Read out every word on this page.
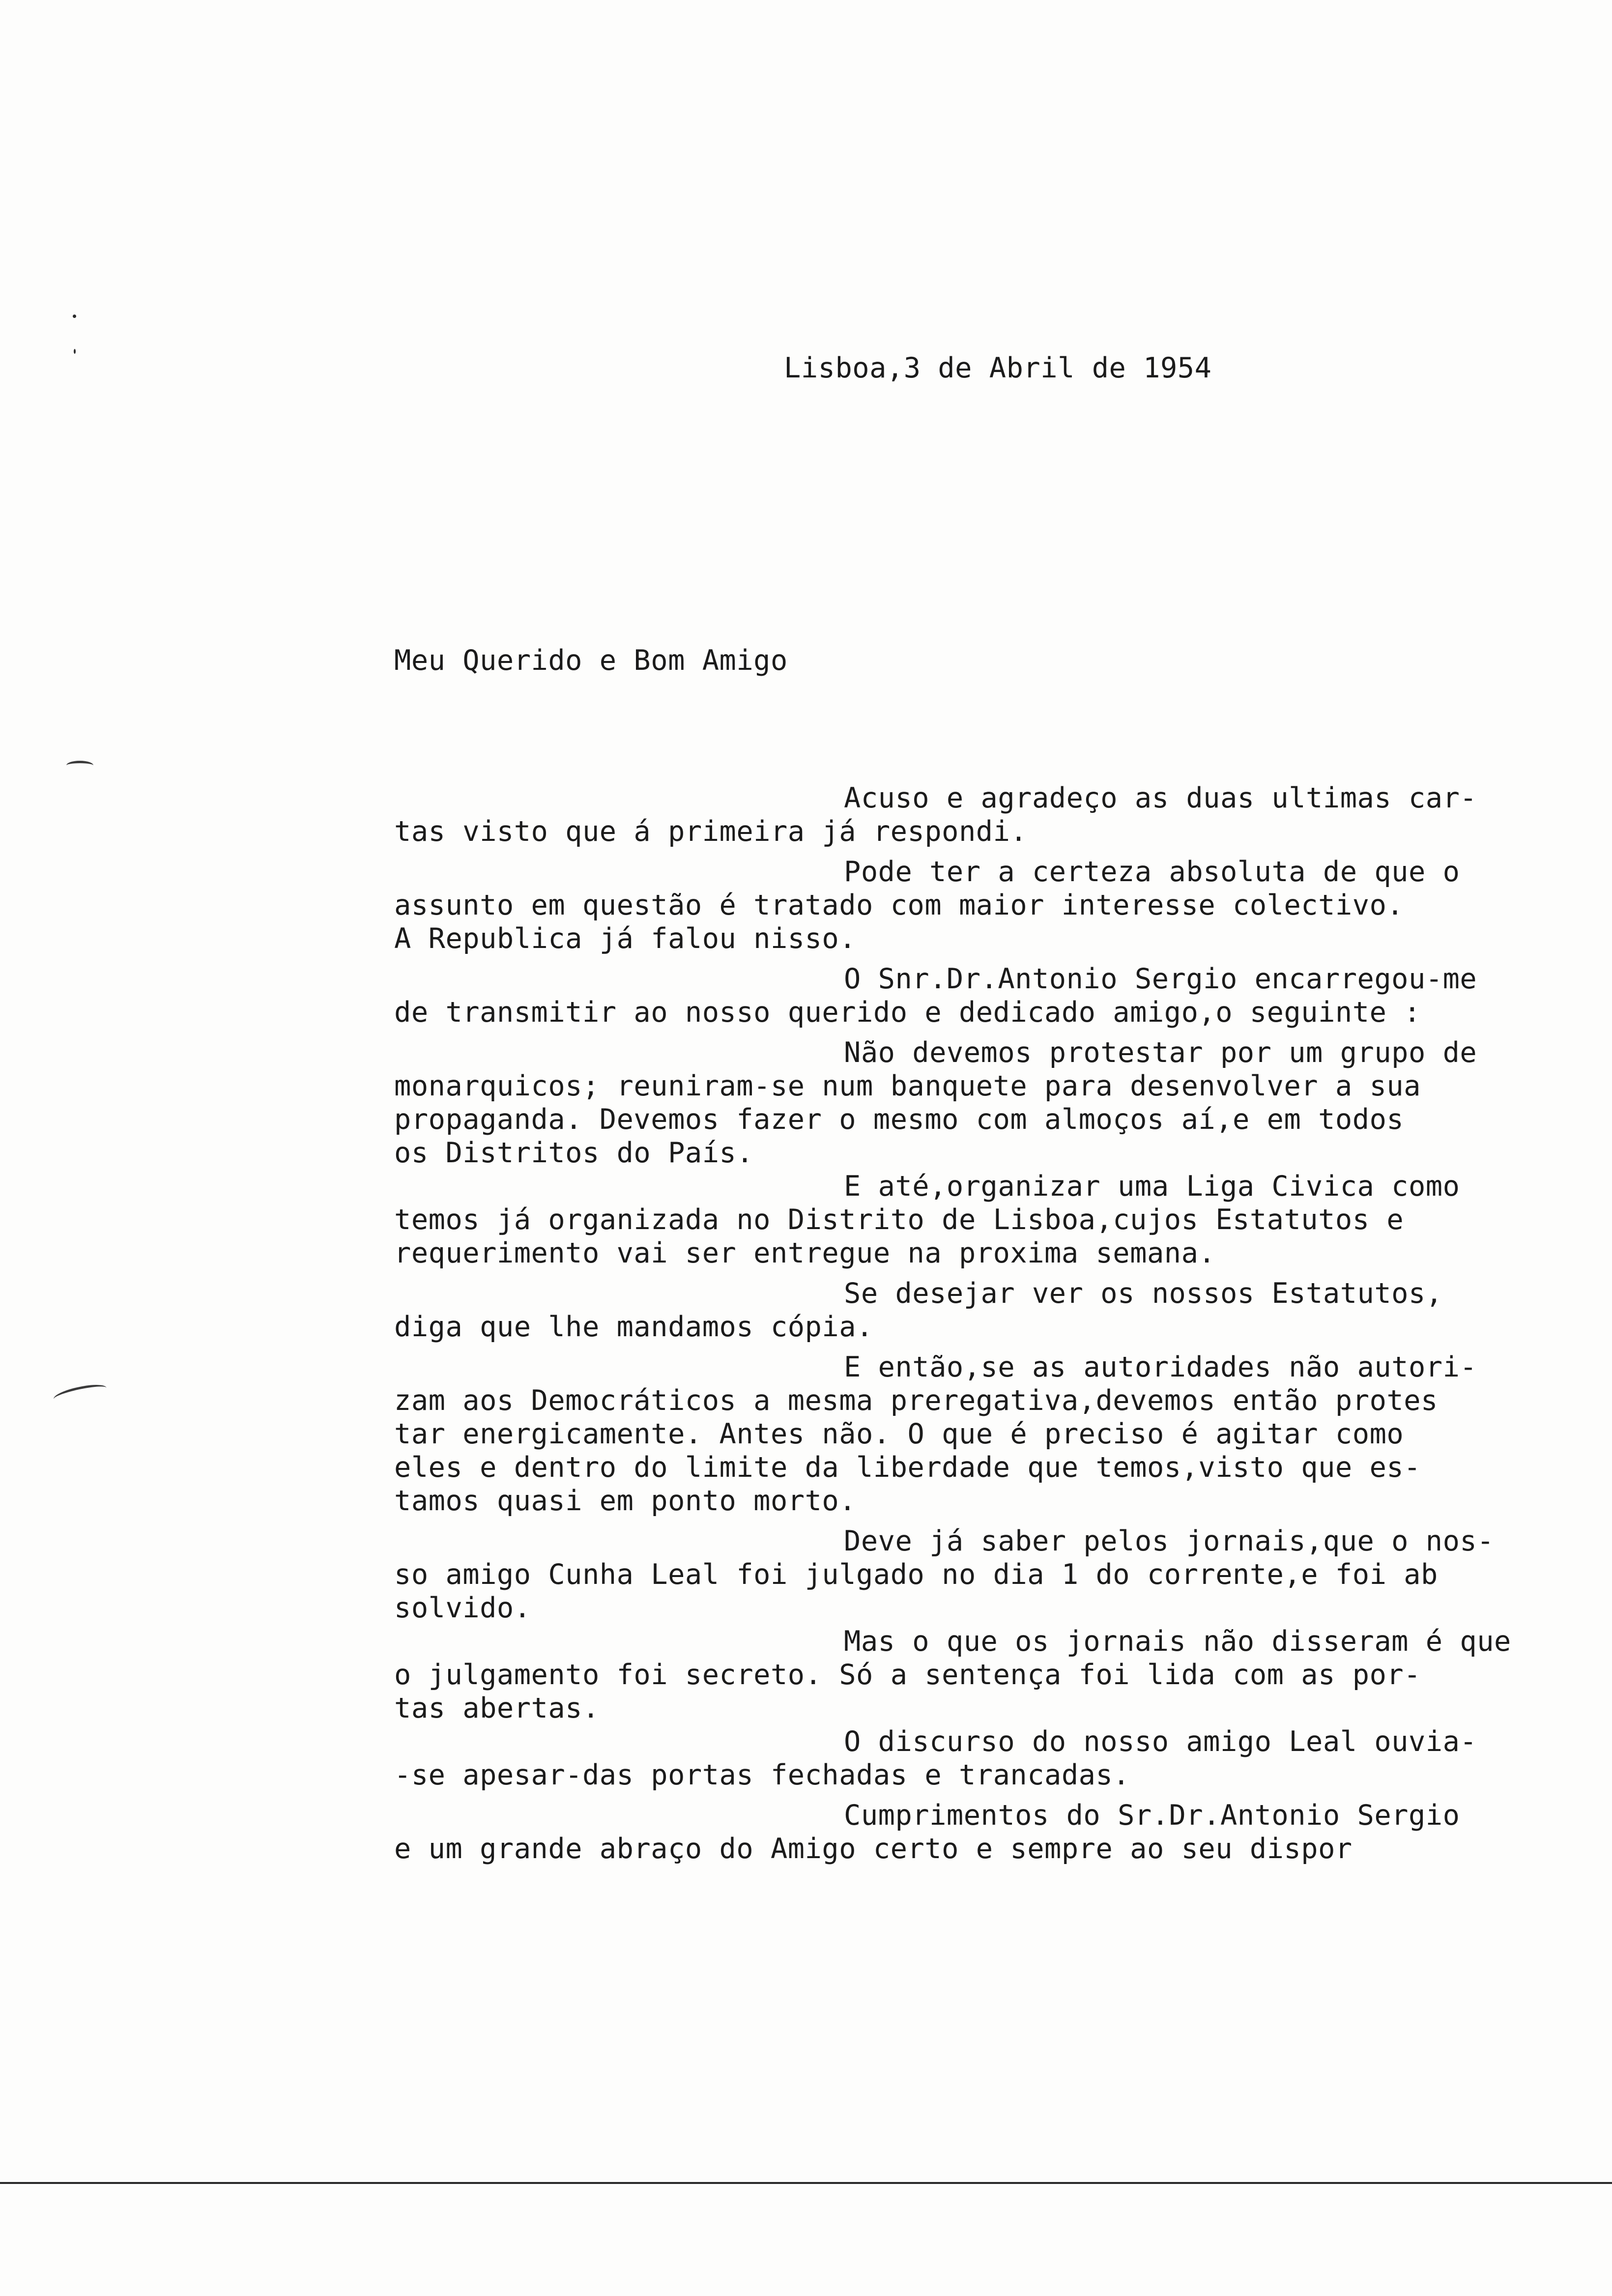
Lisboa,3 de Abril de 1954
Meu Querido e Bom Amigo
Acuso e agradeço as duas ultimas car-
tas visto que á primeira já respondi.
Pode ter a certeza absoluta de que o
assunto em questão é tratado com maior interesse colectivo.
A Republica já falou nisso.
O Snr.Dr.Antonio Sergio encarregou-me
de transmitir ao nosso querido e dedicado amigo,o seguinte :
Não devemos protestar por um grupo de
monarquicos; reuniram-se num banquete para desenvolver a sua
propaganda. Devemos fazer o mesmo com almoços aí,e em todos
os Distritos do País.
E até,organizar uma Liga Civica como
temos já organizada no Distrito de Lisboa,cujos Estatutos e
requerimento vai ser entregue na proxima semana.
Se desejar ver os nossos Estatutos,
diga que lhe mandamos cópia.
E então,se as autoridades não autori-
zam aos Democráticos a mesma preregativa,devemos então protes
tar energicamente. Antes não. O que é preciso é agitar como
eles e dentro do limite da liberdade que temos,visto que es-
tamos quasi em ponto morto.
Deve já saber pelos jornais,que o nos-
so amigo Cunha Leal foi julgado no dia 1 do corrente,e foi ab
solvido.
Mas o que os jornais não disseram é que
o julgamento foi secreto. Só a sentença foi lida com as por-
tas abertas.
O discurso do nosso amigo Leal ouvia-
-se apesar-das portas fechadas e trancadas.
Cumprimentos do Sr.Dr.Antonio Sergio
e um grande abraço do Amigo certo e sempre ao seu dispor
